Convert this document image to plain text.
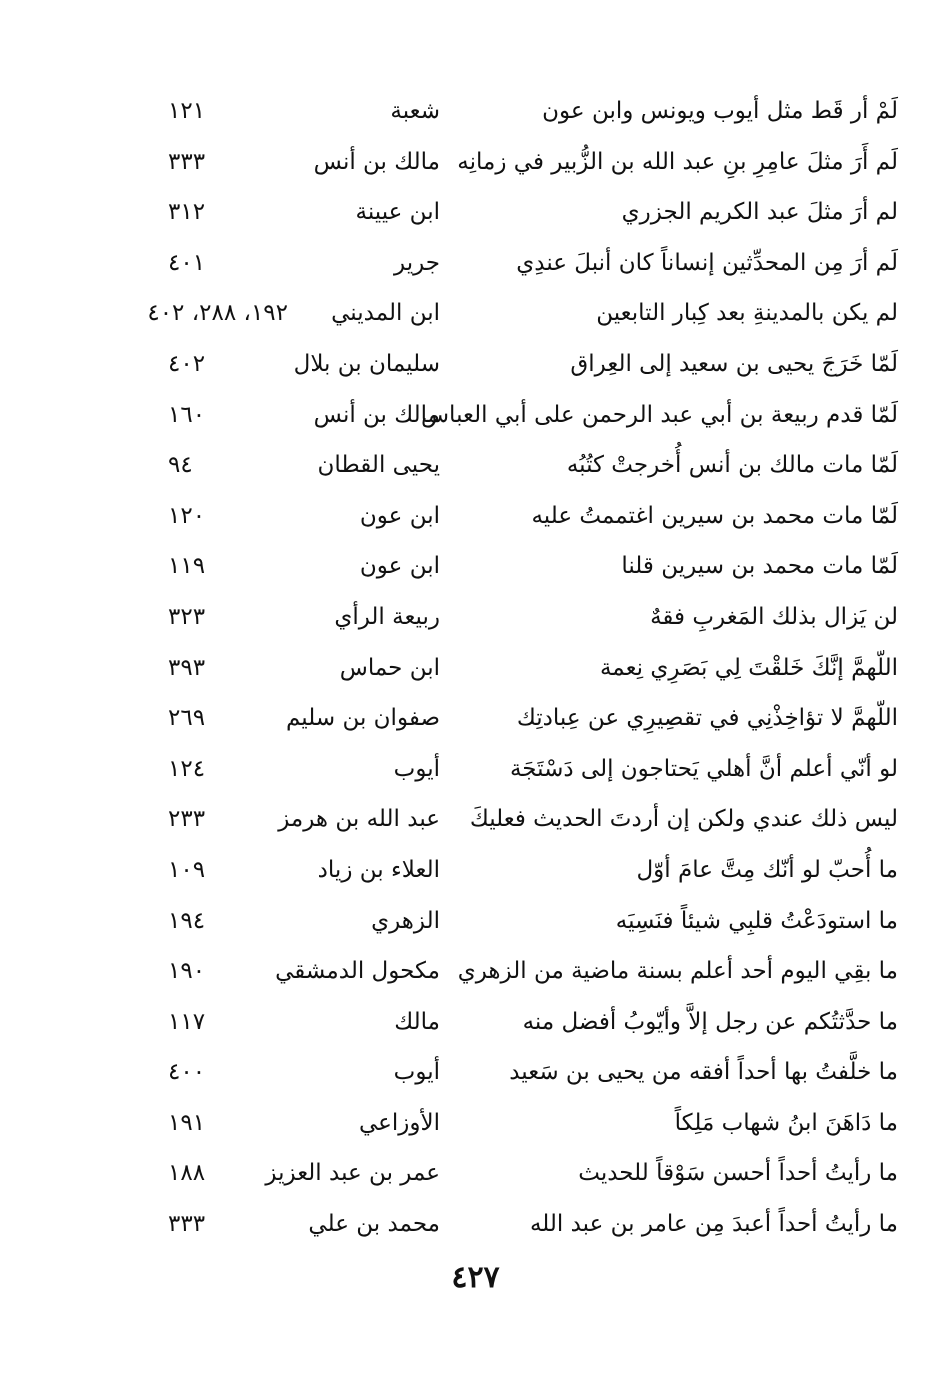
لَمْ أر قَط مثل أيوب ويونس وابن عون
شعبة
١٢١
لَم أَرَ مثلَ عامِرِ بنِ عبد الله بن الزُّبير في زمانِه
مالك بن أنس
٣٣٣
لم أرَ مثلَ عبد الكريم الجزري
ابن عيينة
٣١٢
لَم أرَ مِن المحدِّثين إنساناً كان أنبلَ عندِي
جرير
٤٠١
لم يكن بالمدينةِ بعد كِبار التابعين
ابن المديني
١٩٢، ٢٨٨، ٤٠٢
لَمّا خَرَجَ يحيى بن سعيد إلى العِراق
سليمان بن بلال
٤٠٢
لَمّا قدم ربيعة بن أبي عبد الرحمن على أبي العباس
مالك بن أنس
١٦٠
لَمّا مات مالك بن أنس أُخرجتْ كتُبُه
يحيى القطان
٩٤
لَمّا مات محمد بن سيرين اغتممتُ عليه
ابن عون
١٢٠
لَمّا مات محمد بن سيرين قلنا
ابن عون
١١٩
لن يَزال بذلك المَغربِ فقهٌ
ربيعة الرأي
٣٢٣
اللّهمَّ إنَّكَ خَلقْتَ لِي بَصَرِي نِعمة
ابن حماس
٣٩٣
اللّهمَّ لا تؤاخِذْنِي في تقصِيرِي عن عِبادتِك
صفوان بن سليم
٢٦٩
لو أنّي أعلم أنَّ أهلي يَحتاجون إلى دَسْتَجَة
أيوب
١٢٤
ليس ذلك عندي ولكن إن أردتَ الحديث فعليكَ
عبد الله بن هرمز
٢٣٣
ما أُحبّ لو أنّك مِتَّ عامَ أوّل
العلاء بن زياد
١٠٩
ما استودَعْتُ قلبِي شيئاً فنَسِيَه
الزهري
١٩٤
ما بقِي اليوم أحد أعلم بسنة ماضية من الزهري
مكحول الدمشقي
١٩٠
ما حدَّثتُكم عن رجل إلاَّ وأيّوبُ أفضل منه
مالك
١١٧
ما خلَّفتُ بها أحداً أفقه من يحيى بن سَعيد
أيوب
٤٠٠
ما دَاهَنَ ابنُ شهاب مَلِكاً
الأوزاعي
١٩١
ما رأيتُ أحداً أحسن سَوْقاً للحديث
عمر بن عبد العزيز
١٨٨
ما رأيتُ أحداً أعبدَ مِن عامر بن عبد الله
محمد بن علي
٣٣٣
٤٢٧
